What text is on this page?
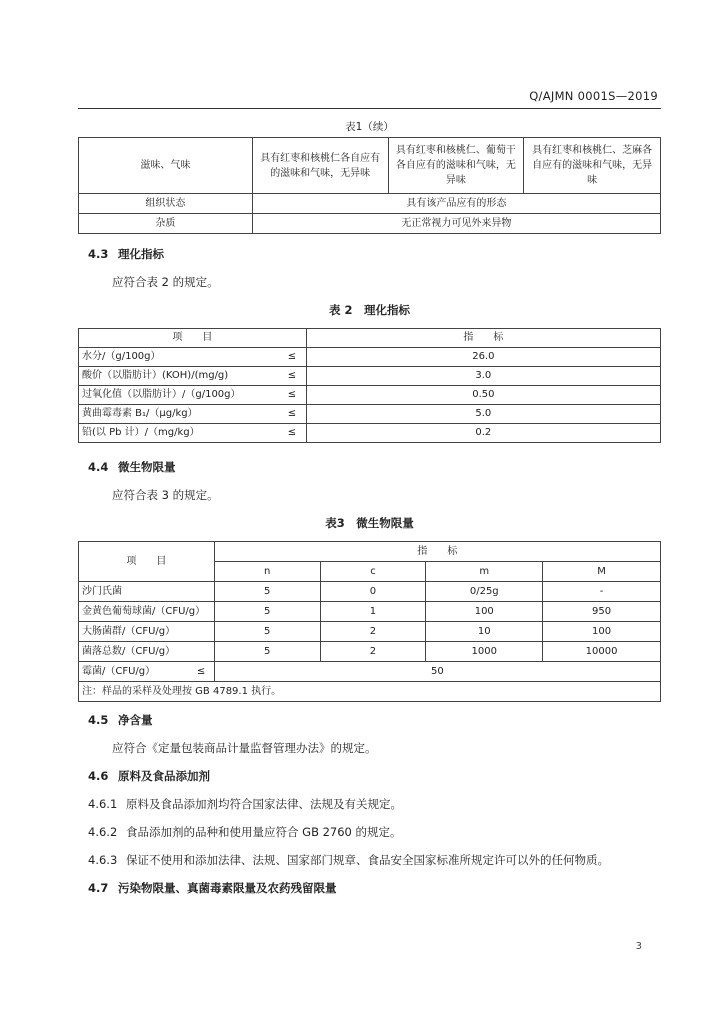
Q/AJMN 0001S—2019
表1（续）
滋味、气味	具有红枣和核桃仁各自应有的滋味和气味，无异味	具有红枣和核桃仁、葡萄干各自应有的滋味和气味，无异味	具有红枣和核桃仁、芝麻各自应有的滋味和气味，无异味
组织状态	具有该产品应有的形态		
杂质	无正常视力可见外来异物		
4.3 理化指标
应符合表 2 的规定。
表 2　理化指标
项　　目		指　　标
水分/（g/100g）	≤	26.0
酸价（以脂肪计）(KOH)/(mg/g)	≤	3.0
过氧化值（以脂肪计）/（g/100g）	≤	0.50
黄曲霉毒素 B₁/（μg/kg）	≤	5.0
铅(以 Pb 计）/（mg/kg）	≤	0.2
4.4 微生物限量
应符合表 3 的规定。
表3　微生物限量
项　　目		指　　标			
		n	c	m	M
沙门氏菌		5	0	0/25g	-
金黄色葡萄球菌/（CFU/g）		5	1	100	950
大肠菌群/（CFU/g）		5	2	10	100
菌落总数/（CFU/g）		5	2	1000	10000
霉菌/（CFU/g）	≤	50			
注：样品的采样及处理按 GB 4789.1 执行。					
4.5 净含量
应符合《定量包装商品计量监督管理办法》的规定。
4.6 原料及食品添加剂
4.6.1 原料及食品添加剂均符合国家法律、法规及有关规定。
4.6.2 食品添加剂的品种和使用量应符合 GB 2760 的规定。
4.6.3 保证不使用和添加法律、法规、国家部门规章、食品安全国家标准所规定许可以外的任何物质。
4.7 污染物限量、真菌毒素限量及农药残留限量
3
